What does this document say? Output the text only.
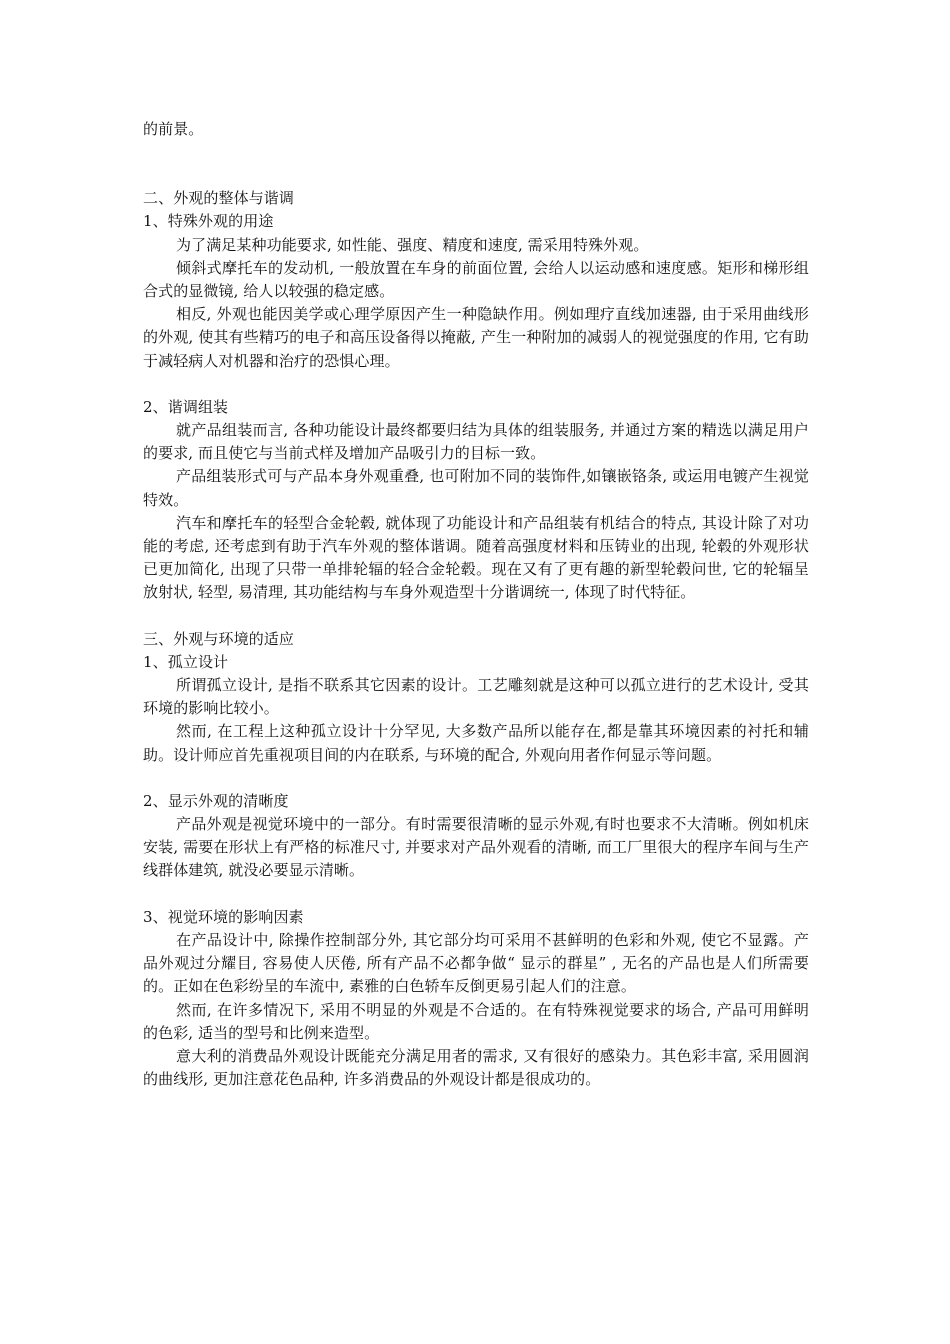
的前景。

二、外观的整体与谐调

1、特殊外观的用途

为了满足某种功能要求, 如性能、强度、精度和速度, 需采用特殊外观。

倾斜式摩托车的发动机, 一般放置在车身的前面位置, 会给人以运动感和速度感。矩形和梯形组合式的显微镜, 给人以较强的稳定感。

相反, 外观也能因美学或心理学原因产生一种隐缺作用。例如理疗直线加速器, 由于采用曲线形的外观, 使其有些精巧的电子和高压设备得以掩蔽, 产生一种附加的减弱人的视觉强度的作用, 它有助于减轻病人对机器和治疗的恐惧心理。

2、谐调组装

就产品组装而言, 各种功能设计最终都要归结为具体的组装服务, 并通过方案的精选以满足用户的要求, 而且使它与当前式样及增加产品吸引力的目标一致。

产品组装形式可与产品本身外观重叠, 也可附加不同的装饰件,如镶嵌铬条, 或运用电镀产生视觉特效。

汽车和摩托车的轻型合金轮毂, 就体现了功能设计和产品组装有机结合的特点, 其设计除了对功能的考虑, 还考虑到有助于汽车外观的整体谐调。随着高强度材料和压铸业的出现, 轮毂的外观形状已更加简化, 出现了只带一单排轮辐的轻合金轮毂。现在又有了更有趣的新型轮毂问世, 它的轮辐呈放射状, 轻型, 易清理, 其功能结构与车身外观造型十分谐调统一, 体现了时代特征。

三、外观与环境的适应

1、孤立设计

所谓孤立设计, 是指不联系其它因素的设计。工艺雕刻就是这种可以孤立进行的艺术设计, 受其环境的影响比较小。

然而, 在工程上这种孤立设计十分罕见, 大多数产品所以能存在,都是靠其环境因素的衬托和辅助。设计师应首先重视项目间的内在联系, 与环境的配合, 外观向用者作何显示等问题。

2、显示外观的清晰度

产品外观是视觉环境中的一部分。有时需要很清晰的显示外观,有时也要求不大清晰。例如机床安装, 需要在形状上有严格的标准尺寸, 并要求对产品外观看的清晰, 而工厂里很大的程序车间与生产线群体建筑, 就没必要显示清晰。

3、视觉环境的影响因素

在产品设计中, 除操作控制部分外, 其它部分均可采用不甚鲜明的色彩和外观, 使它不显露。产品外观过分耀目, 容易使人厌倦, 所有产品不必都争做“ 显示的群星” , 无名的产品也是人们所需要的。正如在色彩纷呈的车流中, 素雅的白色轿车反倒更易引起人们的注意。

然而, 在许多情况下, 采用不明显的外观是不合适的。在有特殊视觉要求的场合, 产品可用鲜明的色彩, 适当的型号和比例来造型。

意大利的消费品外观设计既能充分满足用者的需求, 又有很好的感染力。其色彩丰富, 采用圆润的曲线形, 更加注意花色品种, 许多消费品的外观设计都是很成功的。
